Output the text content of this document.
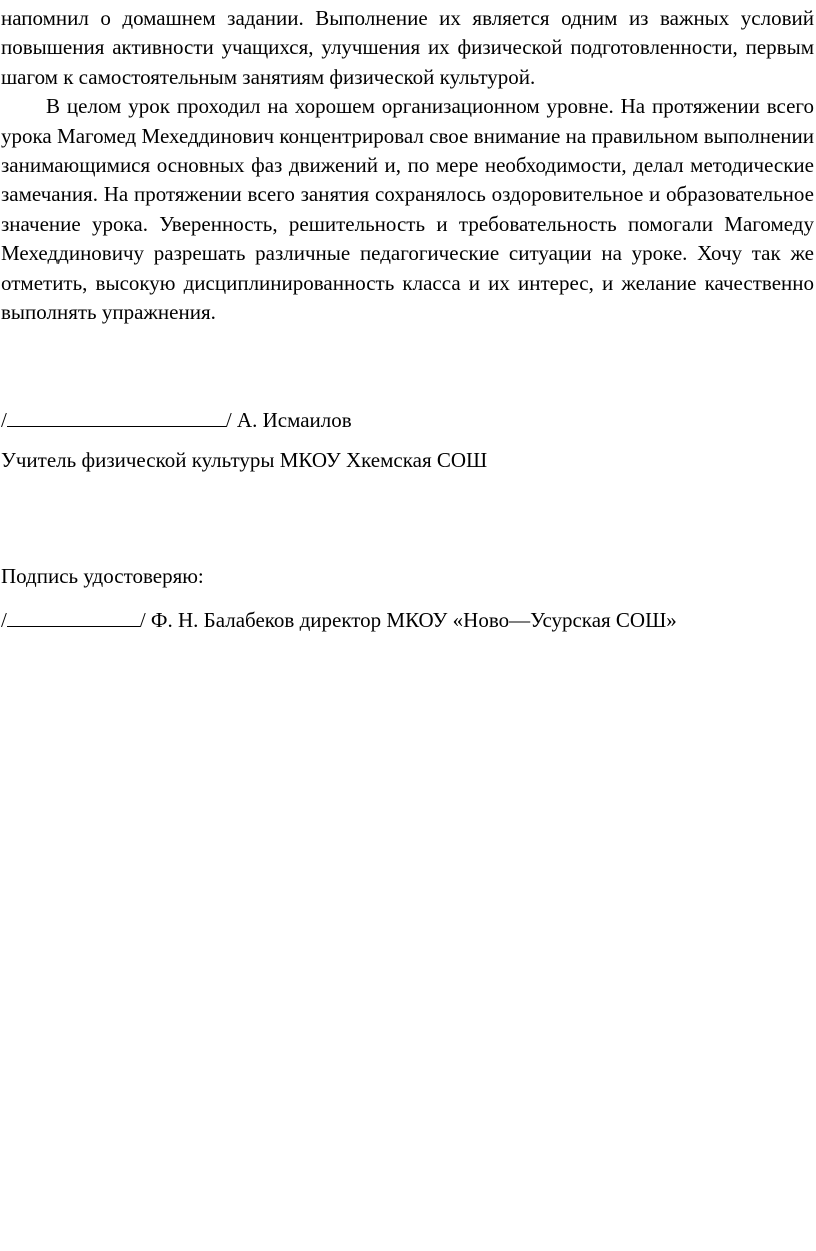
напомнил о домашнем задании. Выполнение их является одним из важных условий повышения активности учащихся, улучшения их физической подготовленности, первым шагом к самостоятельным занятиям физической культурой.

В целом урок проходил на хорошем организационном уровне. На протяжении всего урока Магомед Мехеддинович концентрировал свое внимание на правильном выполнении занимающимися основных фаз движений и, по мере необходимости, делал методические замечания. На протяжении всего занятия сохранялось оздоровительное и образовательное значение урока. Уверенность, решительность и требовательность помогали Магомеду Мехеддиновичу разрешать различные педагогические ситуации на уроке. Хочу так же отметить, высокую дисциплинированность класса и их интерес, и желание качественно выполнять упражнения.

/	/ А. Исмаилов
Учитель физической культуры МКОУ Хкемская СОШ
Подпись удостоверяю:
/	/ Ф. Н. Балабеков директор МКОУ «Ново—Усурская СОШ»
